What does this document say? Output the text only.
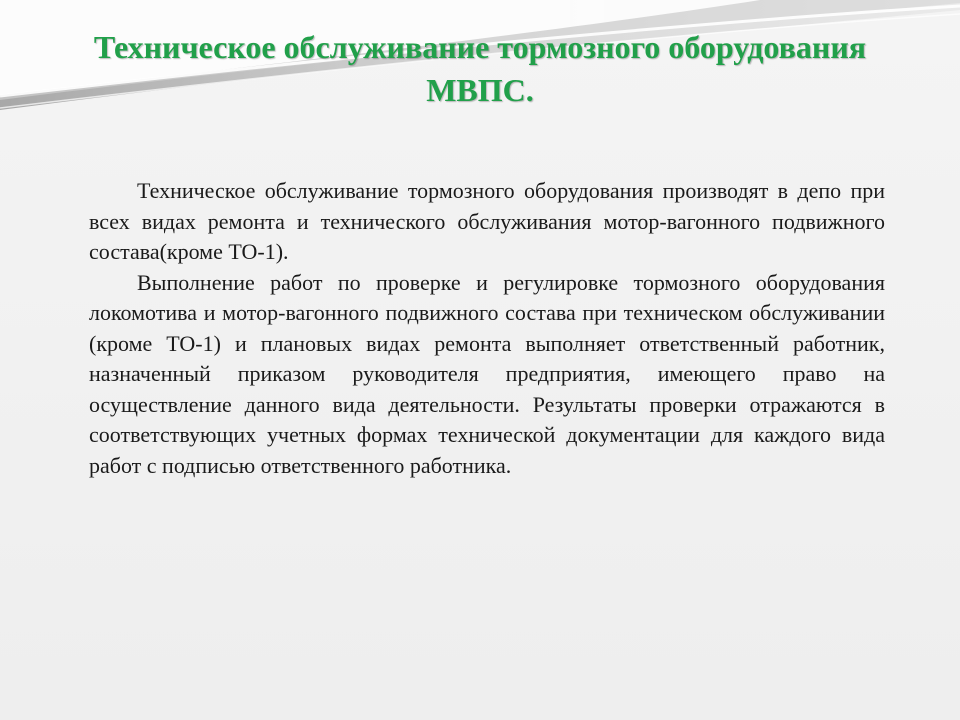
Техническое обслуживание тормозного оборудования
МВПС.

Техническое обслуживание тормозного оборудования производят в депо при всех видах ремонта и технического обслуживания мотор-вагонного подвижного состава(кроме ТО-1).

Выполнение работ по проверке и регулировке тормозного оборудования локомотива и мотор-вагонного подвижного состава при техническом обслуживании (кроме ТО-1) и плановых видах ремонта выполняет ответственный работник, назначенный приказом руководителя предприятия, имеющего право на осуществление данного вида деятельности. Результаты проверки отражаются в соответствующих учетных формах технической документации для каждого вида работ с подписью ответственного работника.
